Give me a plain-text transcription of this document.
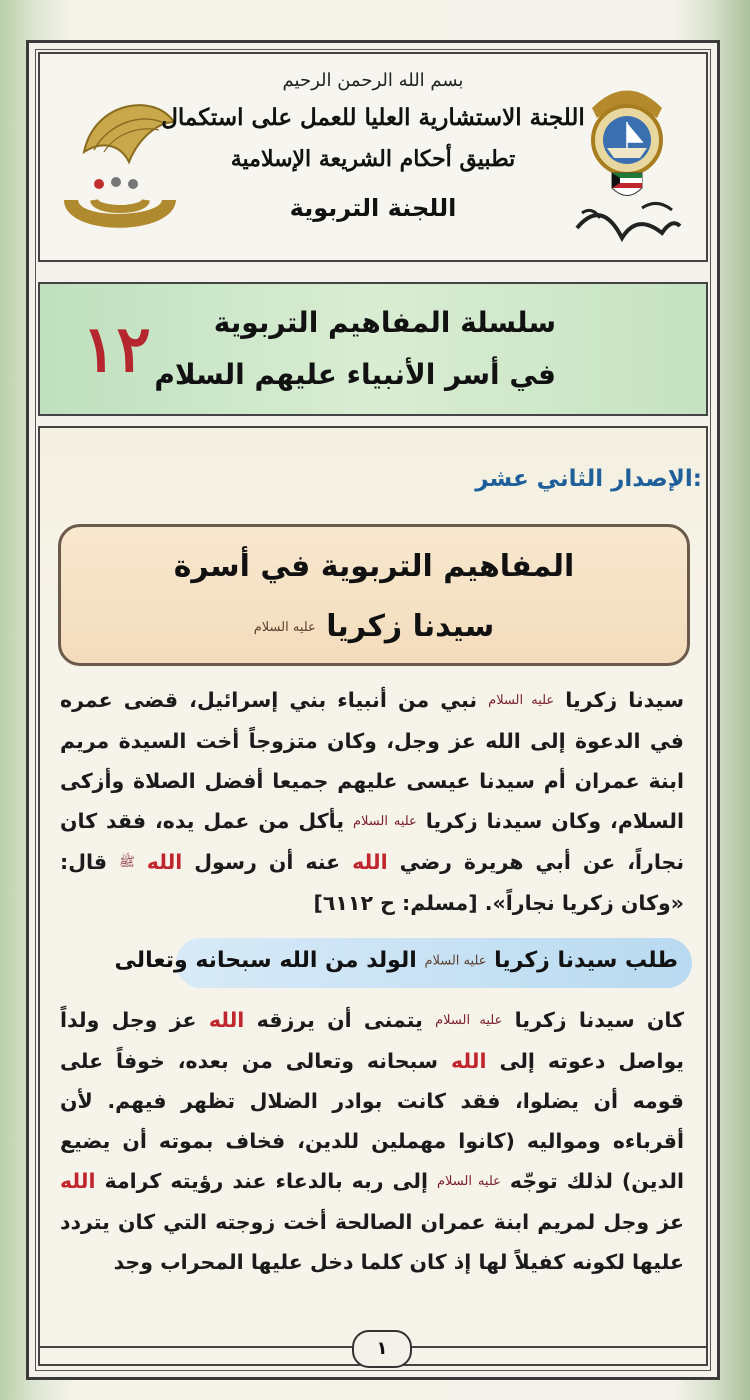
بسم الله الرحمن الرحيم
اللجنة الاستشارية العليا للعمل على استكمال
تطبيق أحكام الشريعة الإسلامية
اللجنة التربوية
سلسلة المفاهيم التربوية
في أسر الأنبياء عليهم السلام
١٢
الإصدار الثاني عشر:
المفاهيم التربوية في أسرة
سيدنا زكريا عليه السلام
سيدنا زكريا عليه السلام نبي من أنبياء بني إسرائيل، قضى عمره في الدعوة إلى الله عز وجل، وكان متزوجاً أخت السيدة مريم ابنة عمران أم سيدنا عيسى عليهم جميعا أفضل الصلاة وأزكى السلام، وكان سيدنا زكريا عليه السلام يأكل من عمل يده، فقد كان نجاراً، عن أبي هريرة رضي الله عنه أن رسول الله ﷺ قال: «وكان زكريا نجاراً». [مسلم: ح ٦١١٢]
طلب سيدنا زكريا عليه السلام الولد من الله سبحانه وتعالى
كان سيدنا زكريا عليه السلام يتمنى أن يرزقه الله عز وجل ولداً يواصل دعوته إلى الله سبحانه وتعالى من بعده، خوفاً على قومه أن يضلوا، فقد كانت بوادر الضلال تظهر فيهم. لأن أقرباءه ومواليه (كانوا مهملين للدين، فخاف بموته أن يضيع الدين) لذلك توجّه عليه السلام إلى ربه بالدعاء عند رؤيته كرامة الله عز وجل لمريم ابنة عمران الصالحة أخت زوجته التي كان يتردد عليها لكونه كفيلاً لها إذ كان كلما دخل عليها المحراب وجد
١
